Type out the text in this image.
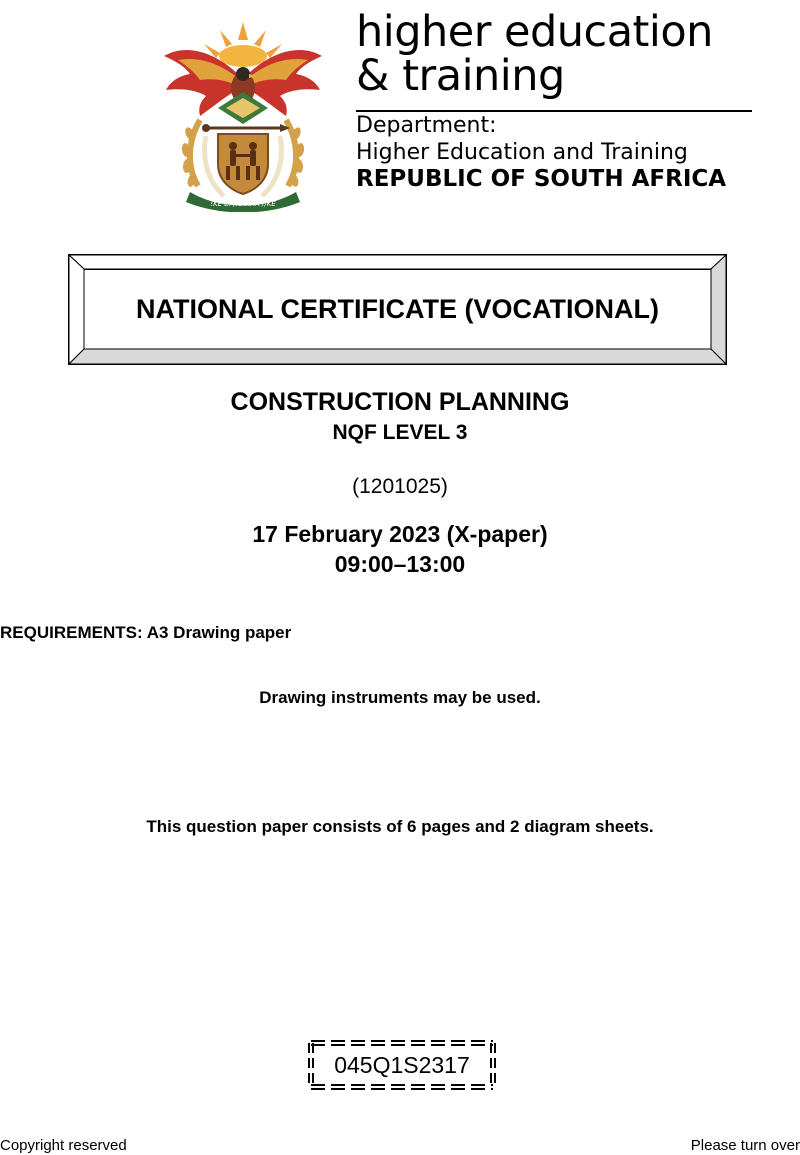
!KE E: /XARRA //KE
higher education
& training
Department:
Higher Education and Training
REPUBLIC OF SOUTH AFRICA
NATIONAL CERTIFICATE (VOCATIONAL)
CONSTRUCTION PLANNING
NQF LEVEL 3
(1201025)
17 February 2023 (X-paper)
09:00–13:00
REQUIREMENTS: A3 Drawing paper
Drawing instruments may be used.
This question paper consists of 6 pages and 2 diagram sheets.
045Q1S2317
Copyright reserved	Please turn over
